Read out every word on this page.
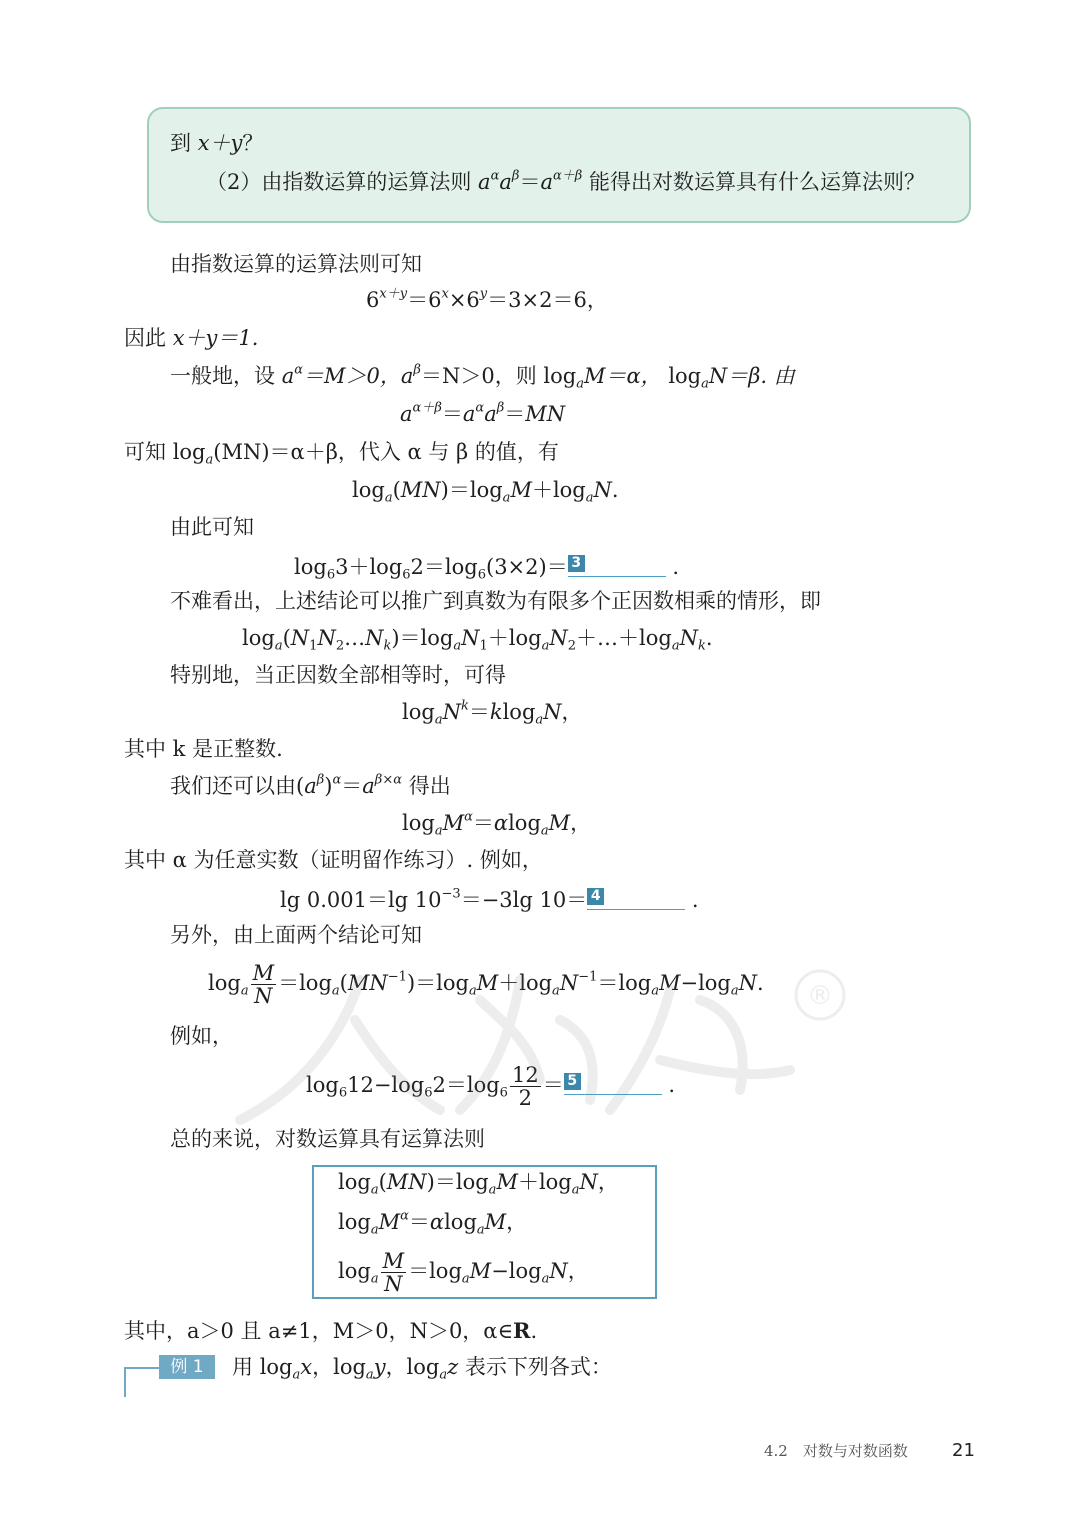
到 x＋y？
（2）由指数运算的运算法则 $a^\alpha a^\beta=a^{\alpha+\beta}$ 能得出对数运算具有什么运算法则？
由指数运算的运算法则可知
$6^{x+y}=6^x\times 6^y=3\times 2=6$，
因此 x＋y＝1.
一般地，设 $a^\alpha=M>0$，$a^\beta=N>0$，则 $\log_aM=\alpha$， $\log_aN=\beta$. 由
$a^{\alpha+\beta}=a^\alpha a^\beta=MN$
可知 $\log_a(MN)=\alpha+\beta$，代入 α 与 β 的值，有
$\log_a(MN)=\log_aM+\log_aN$.
由此可知
$\log_63+\log_62=\log_6(3\times 2)= 3$	.
不难看出，上述结论可以推广到真数为有限多个正因数相乘的情形，即
$\log_a(N_1N_2\dots N_k)=\log_aN_1+\log_aN_2+\dots+\log_aN_k$.
特别地，当正因数全部相等时，可得
$\log_aN^k=klog_aN$，
其中 k 是正整数.
我们还可以由$(a^\beta)^\alpha=a^{\beta\times\alpha}$ 得出
$\log_aM^\alpha=\alpha\log_aM$，
其中 α 为任意实数（证明留作练习）. 例如，
lg 0.001＝lg $10^{-3}=-3\lg$ 10＝ 4	.
另外，由上面两个结论可知
$\log_a \frac{M}{N} =\log_a(MN^{-1})=\log_aM+\log_aN^{-1}=\log_aM-\log_aN$.
例如，
$\log_612-\log_62=\log_6 \frac{12}{2} = 5$	.
总的来说，对数运算具有运算法则
$\log_a(MN)=\log_aM+\log_aN$，
$\log_aM^\alpha=\alpha\log_aM$，
$\log_a \frac{M}{N} =\log_aM-\log_aN$，
其中，a＞0 且 a≠1，M＞0，N＞0，α∈R.
例 1	用 $\log_ax$，$\log_ay$，$\log_az$ 表示下列各式：
®
4.2　对数与对数函数 21
